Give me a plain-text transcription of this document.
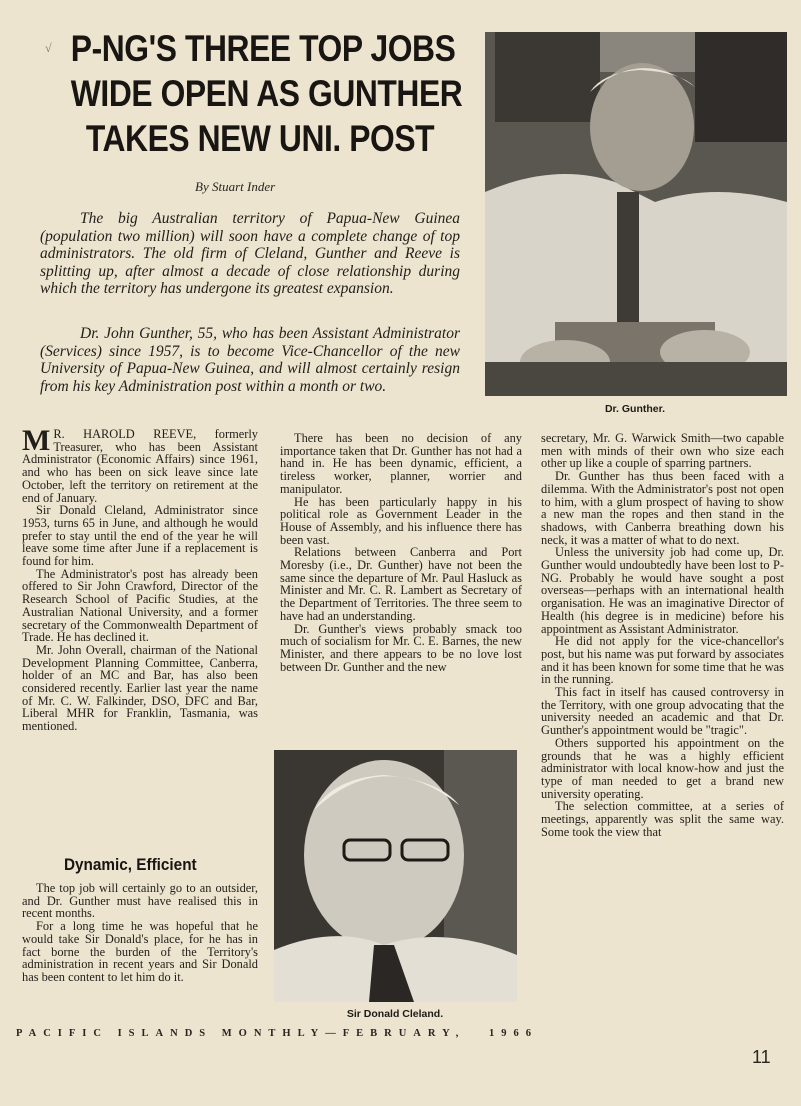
√ P-NG'S THREE TOP JOBS
WIDE OPEN AS GUNTHER
TAKES NEW UNI. POST
By Stuart Inder
The big Australian territory of Papua-New Guinea (population two million) will soon have a complete change of top administrators. The old firm of Cleland, Gunther and Reeve is splitting up, after almost a decade of close relationship during which the territory has undergone its greatest expansion.
Dr. John Gunther, 55, who has been Assistant Administrator (Services) since 1957, is to become Vice-Chancellor of the new University of Papua-New Guinea, and will almost certainly resign from his key Administration post within a month or two.
Dr. Gunther.

M R. HAROLD REEVE, formerly Treasurer, who has been Assistant Administrator (Economic Affairs) since 1961, and who has been on sick leave since late October, left the territory on retirement at the end of January.

Sir Donald Cleland, Administrator since 1953, turns 65 in June, and although he would prefer to stay until the end of the year he will leave some time after June if a replacement is found for him.

The Administrator's post has already been offered to Sir John Crawford, Director of the Research School of Pacific Studies, at the Australian National University, and a former secretary of the Commonwealth Department of Trade. He has declined it.

Mr. John Overall, chairman of the National Development Planning Committee, Canberra, holder of an MC and Bar, has also been considered recently. Earlier last year the name of Mr. C. W. Falkinder, DSO, DFC and Bar, Liberal MHR for Franklin, Tasmania, was mentioned.

Dynamic, Efficient

The top job will certainly go to an outsider, and Dr. Gunther must have realised this in recent months.

For a long time he was hopeful that he would take Sir Donald's place, for he has in fact borne the burden of the Territory's administration in recent years and Sir Donald has been content to let him do it.

There has been no decision of any importance taken that Dr. Gunther has not had a hand in. He has been dynamic, efficient, a tireless worker, planner, worrier and manipulator.

He has been particularly happy in his political role as Government Leader in the House of Assembly, and his influence there has been vast.

Relations between Canberra and Port Moresby (i.e., Dr. Gunther) have not been the same since the departure of Mr. Paul Hasluck as Minister and Mr. C. R. Lambert as Secretary of the Department of Territories. The three seem to have had an understanding.

Dr. Gunther's views probably smack too much of socialism for Mr. C. E. Barnes, the new Minister, and there appears to be no love lost between Dr. Gunther and the new

Sir Donald Cleland.

secretary, Mr. G. Warwick Smith—two capable men with minds of their own who size each other up like a couple of sparring partners.

Dr. Gunther has thus been faced with a dilemma. With the Administrator's post not open to him, with a glum prospect of having to show a new man the ropes and then stand in the shadows, with Canberra breathing down his neck, it was a matter of what to do next.

Unless the university job had come up, Dr. Gunther would undoubtedly have been lost to P-NG. Probably he would have sought a post overseas—perhaps with an international health organisation. He was an imaginative Director of Health (his degree is in medicine) before his appointment as Assistant Administrator.

He did not apply for the vice-chancellor's post, but his name was put forward by associates and it has been known for some time that he was in the running.

This fact in itself has caused controversy in the Territory, with one group advocating that the university needed an academic and that Dr. Gunther's appointment would be "tragic".

Others supported his appointment on the grounds that he was a highly efficient administrator with local know-how and just the type of man needed to get a brand new university operating.

The selection committee, at a series of meetings, apparently was split the same way. Some took the view that

PACIFIC ISLANDS MONTHLY—FEBRUARY, 1966
11
